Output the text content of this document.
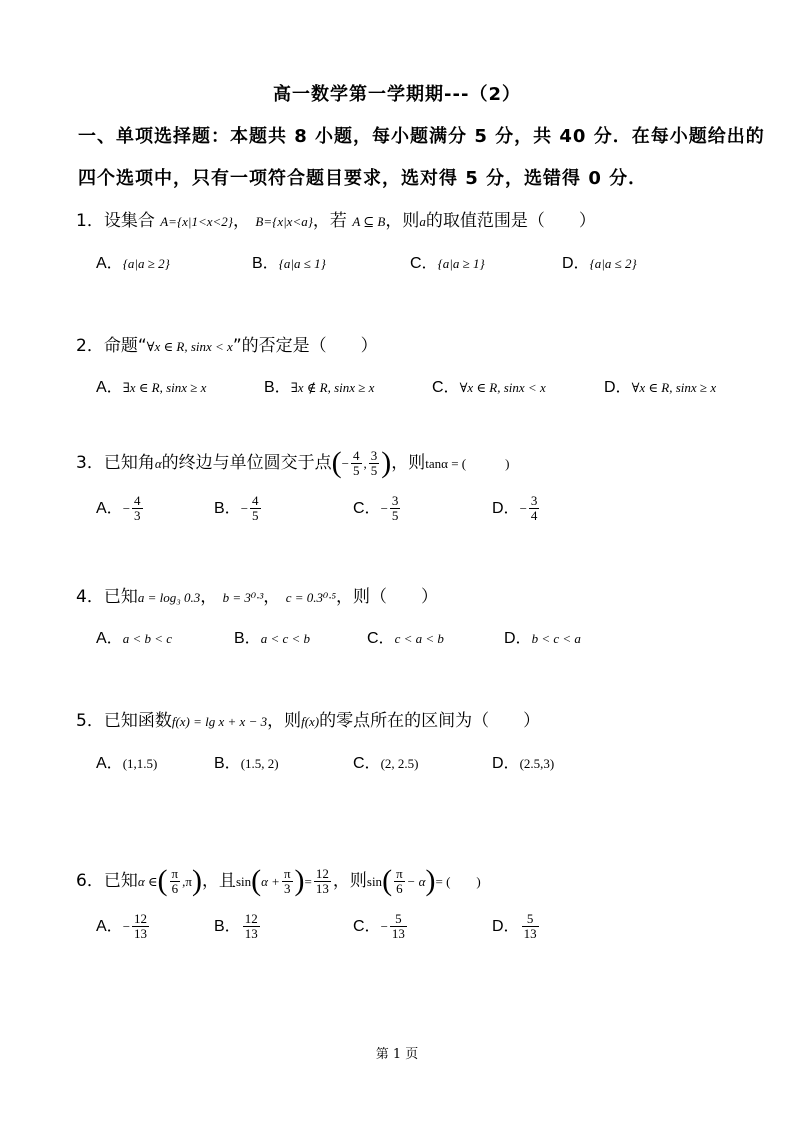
高一数学第一学期期---（2）
一、单项选择题：本题共 8 小题，每小题满分 5 分，共 40 分．在每小题给出的
四个选项中，只有一项符合题目要求，选对得 5 分，选错得 0 分．
1．设集合 A={x|1<x<2}， B={x|x<a}，若 A ⊆ B，则a的取值范围是（　　）
A．{a|a ≥ 2}	B．{a|a ≤ 1}	C．{a|a ≥ 1}	D．{a|a ≤ 2}
2．命题“∀x ∈ R, sinx < x”的否定是（　　）
A．∃x ∈ R, sinx ≥ x	B．∃x ∉ R, sinx ≥ x	C．∀x ∈ R, sinx < x	D．∀x ∈ R, sinx ≥ x
3．已知角α的终边与单位圆交于点(− $\frac{4}{5}$ , $\frac{3}{5}$ )，则tanα = (　　　)
A．− $\frac{4}{3}$	B．− $\frac{4}{5}$	C．− $\frac{3}{5}$	D．− $\frac{3}{4}$
4．已知a = log₃ 0.3， b = 3⁰·³， c = 0.3⁰·⁵，则（　　）
A．a < b < c	B．a < c < b	C．c < a < b	D．b < c < a
5．已知函数f(x) = lg x + x − 3，则f(x)的零点所在的区间为（　　）
A．(1,1.5)	B．(1.5, 2)	C．(2, 2.5)	D．(2.5,3)
6．已知α ∈( $\frac{\pi}{6} ,\pi$)，且$\sin(\alpha + \frac{\pi}{3}$ )= $\frac{12}{13}$ ，则$\sin( \frac{\pi}{6} - \alpha)=$ (　　)
A．− $\frac{12}{13}$	B． $\frac{12}{13}$	C．− $\frac{5}{13}$	D． $\frac{5}{13}$
第 1 页
